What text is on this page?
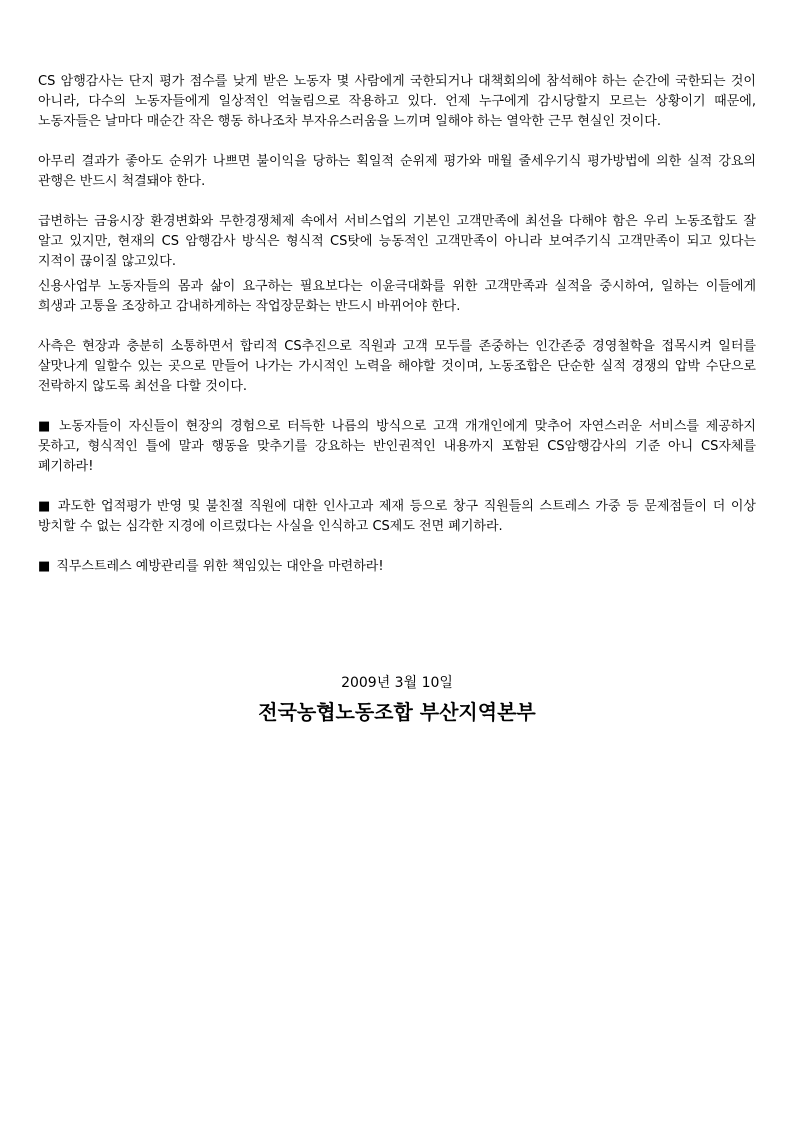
CS 암행감사는 단지 평가 점수를 낮게 받은 노동자 몇 사람에게 국한되거나 대책회의에 참석해야 하는 순간에 국한되는 것이 아니라, 다수의 노동자들에게 일상적인 억눌림으로 작용하고 있다. 언제 누구에게 감시당할지 모르는 상황이기 때문에, 노동자들은 날마다 매순간 작은 행동 하나조차 부자유스러움을 느끼며 일해야 하는 열악한 근무 현실인 것이다.

아무리 결과가 좋아도 순위가 나쁘면 불이익을 당하는 획일적 순위제 평가와 매월 줄세우기식 평가방법에 의한 실적 강요의 관행은 반드시 척결돼야 한다.

급변하는 금융시장 환경변화와 무한경쟁체제 속에서 서비스업의 기본인 고객만족에 최선을 다해야 함은 우리 노동조합도 잘 알고 있지만, 현재의 CS 암행감사 방식은 형식적 CS탓에 능동적인 고객만족이 아니라 보여주기식 고객만족이 되고 있다는 지적이 끊이질 않고있다.

신용사업부 노동자들의 몸과 삶이 요구하는 필요보다는 이윤극대화를 위한 고객만족과 실적을 중시하여, 일하는 이들에게 희생과 고통을 조장하고 감내하게하는 작업장문화는 반드시 바뀌어야 한다.

사측은 현장과 충분히 소통하면서 합리적 CS추진으로 직원과 고객 모두를 존중하는 인간존중 경영철학을 접목시켜 일터를 살맛나게 일할수 있는 곳으로 만들어 나가는 가시적인 노력을 해야할 것이며, 노동조합은 단순한 실적 경쟁의 압박 수단으로 전락하지 않도록 최선을 다할 것이다.

■ 노동자들이 자신들이 현장의 경험으로 터득한 나름의 방식으로 고객 개개인에게 맞추어 자연스러운 서비스를 제공하지 못하고, 형식적인 틀에 말과 행동을 맞추기를 강요하는 반인권적인 내용까지 포함된 CS암행감사의 기준 아니 CS자체를 폐기하라!

■ 과도한 업적평가 반영 및 불친절 직원에 대한 인사고과 제재 등으로 창구 직원들의 스트레스 가중 등 문제점들이 더 이상 방치할 수 없는 심각한 지경에 이르렀다는 사실을 인식하고 CS제도 전면 폐기하라.

■ 직무스트레스 예방관리를 위한 책임있는 대안을 마련하라!

2009년 3월 10일
전국농협노동조합 부산지역본부
